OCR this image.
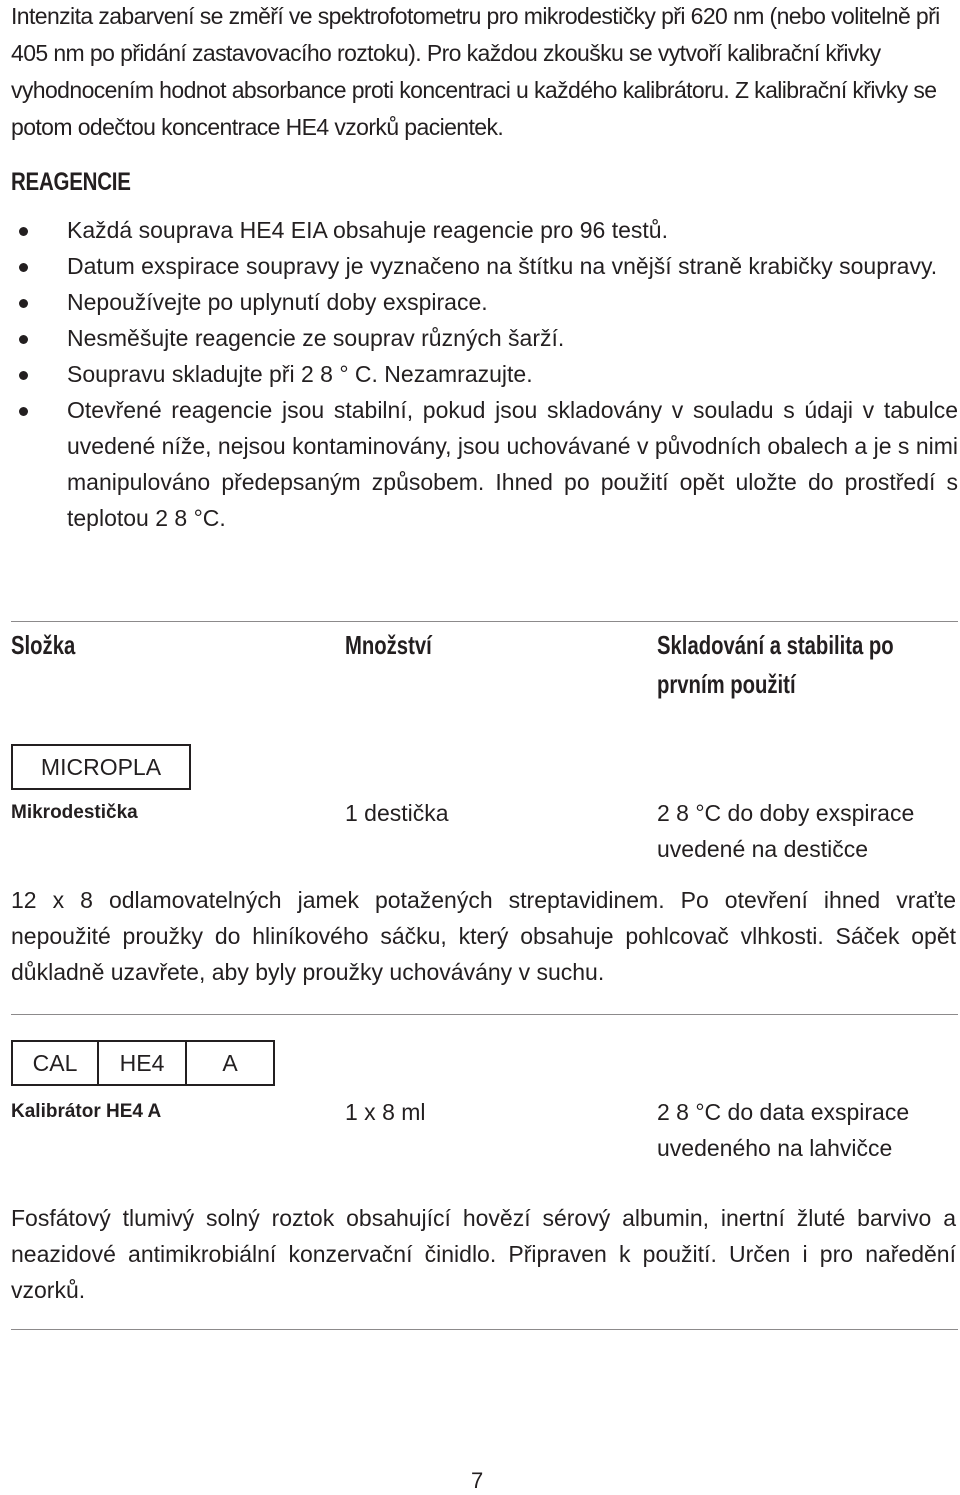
Intenzita zabarvení se změří ve spektrofotometru pro mikrodestičky při 620 nm (nebo volitelně při 405 nm po přidání zastavovacího roztoku). Pro každou zkoušku se vytvoří kalibrační křivky vyhodnocením hodnot absorbance proti koncentraci u každého kalibrátoru. Z kalibrační křivky se potom odečtou koncentrace HE4 vzorků pacientek.

REAGENCIE
Každá souprava HE4 EIA obsahuje reagencie pro 96 testů.
Datum exspirace soupravy je vyznačeno na štítku na vnější straně krabičky soupravy.
Nepoužívejte po uplynutí doby exspirace.
Nesměšujte reagencie ze souprav různých šarží.
Soupravu skladujte při 2 8 ° C. Nezamrazujte.
Otevřené reagencie jsou stabilní, pokud jsou skladovány v souladu s údaji v tabulce uvedené níže, nejsou kontaminovány, jsou uchovávané v původních obalech a je s nimi manipulováno předepsaným způsobem. Ihned po použití opět uložte do prostředí s teplotou 2 8 °C.
Složka	Množství	Skladování a stabilita po prvním použití
MICROPLA
Mikrodestička	1 destička	2 8 °C do doby exspirace uvedené na destičce

12 x 8 odlamovatelných jamek potažených streptavidinem. Po otevření ihned vraťte nepoužité proužky do hliníkového sáčku, který obsahuje pohlcovač vlhkosti. Sáček opět důkladně uzavřete, aby byly proužky uchovávány v suchu.

CAL	HE4	A
Kalibrátor HE4 A	1 x 8 ml	2 8 °C do data exspirace uvedeného na lahvičce

Fosfátový tlumivý solný roztok obsahující hovězí sérový albumin, inertní žluté barvivo a neazidové antimikrobiální konzervační činidlo. Připraven k použití. Určen i pro naředění vzorků.

7
